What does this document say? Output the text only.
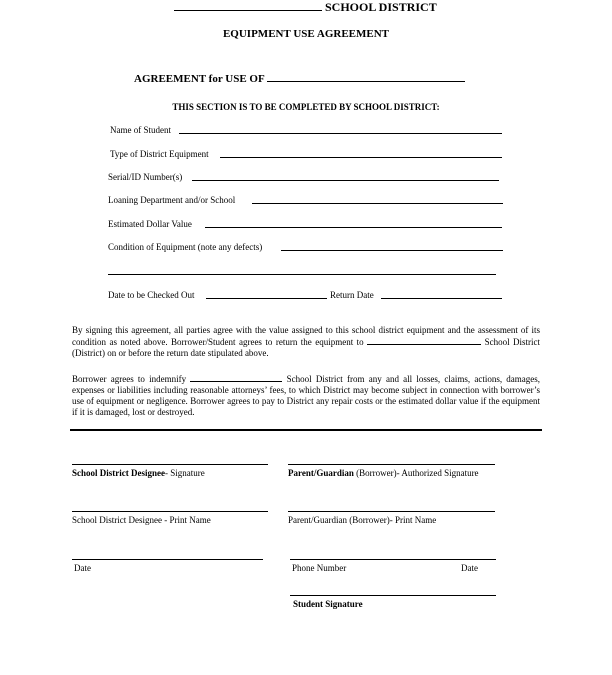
SCHOOL DISTRICT
EQUIPMENT USE AGREEMENT
AGREEMENT for USE OF
THIS SECTION IS TO BE COMPLETED BY SCHOOL DISTRICT:
Name of Student
Type of District Equipment
Serial/ID Number(s)
Loaning Department and/or School
Estimated Dollar Value
Condition of Equipment (note any defects)
Date to be Checked Out	Return Date
By signing this agreement, all parties agree with the value assigned to this school district equipment and the assessment of its condition as noted above. Borrower/Student agrees to return the equipment to	School District (District) on or before the return date stipulated above.
Borrower agrees to indemnify	School District from any and all losses, claims, actions, damages, expenses or liabilities including reasonable attorneys’ fees, to which District may become subject in connection with borrower’s use of equipment or negligence. Borrower agrees to pay to District any repair costs or the estimated dollar value if the equipment if it is damaged, lost or destroyed.
School District Designee- Signature	Parent/Guardian (Borrower)- Authorized Signature
School District Designee - Print Name	Parent/Guardian (Borrower)- Print Name
Date	Phone Number	Date
Student Signature
